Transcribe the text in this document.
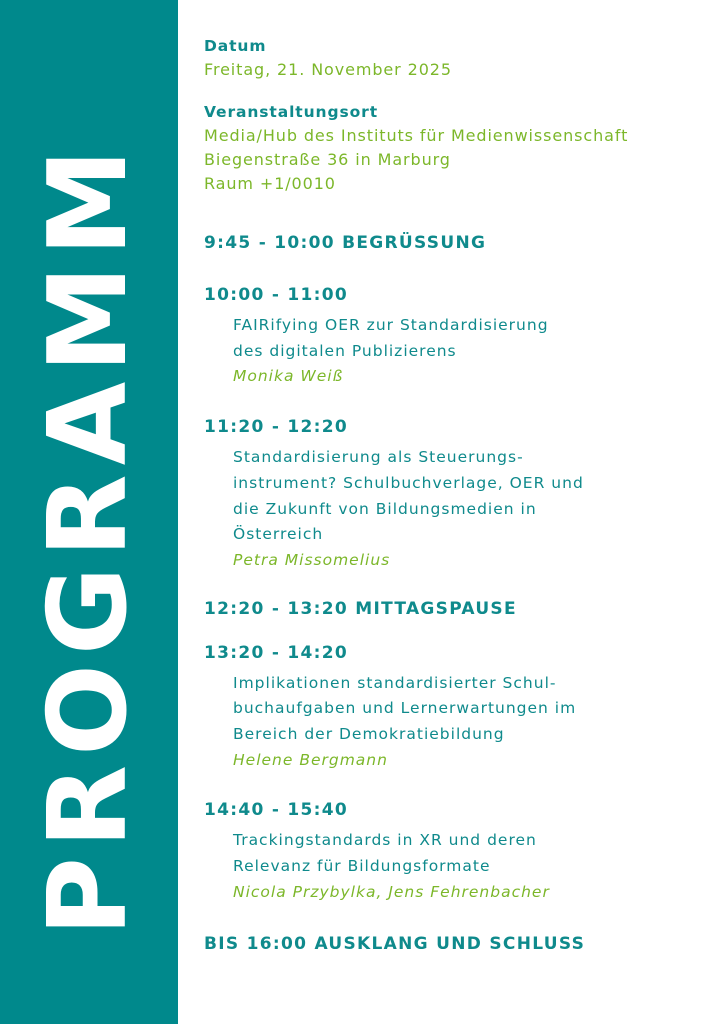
PROGRAMM
Datum
Freitag, 21. November 2025
Veranstaltungsort
Media/Hub des Instituts für Medienwissenschaft
Biegenstraße 36 in Marburg
Raum +1/0010
9:45 - 10:00 BEGRÜSSUNG
10:00 - 11:00
FAIRifying OER zur Standardisierung
des digitalen Publizierens
Monika Weiß
11:20 - 12:20
Standardisierung als Steuerungs-
instrument? Schulbuchverlage, OER und
die Zukunft von Bildungsmedien in
Österreich
Petra Missomelius
12:20 - 13:20 MITTAGSPAUSE
13:20 - 14:20
Implikationen standardisierter Schul-
buchaufgaben und Lernerwartungen im
Bereich der Demokratiebildung
Helene Bergmann
14:40 - 15:40
Trackingstandards in XR und deren
Relevanz für Bildungsformate
Nicola Przybylka, Jens Fehrenbacher
BIS 16:00 AUSKLANG UND SCHLUSS
